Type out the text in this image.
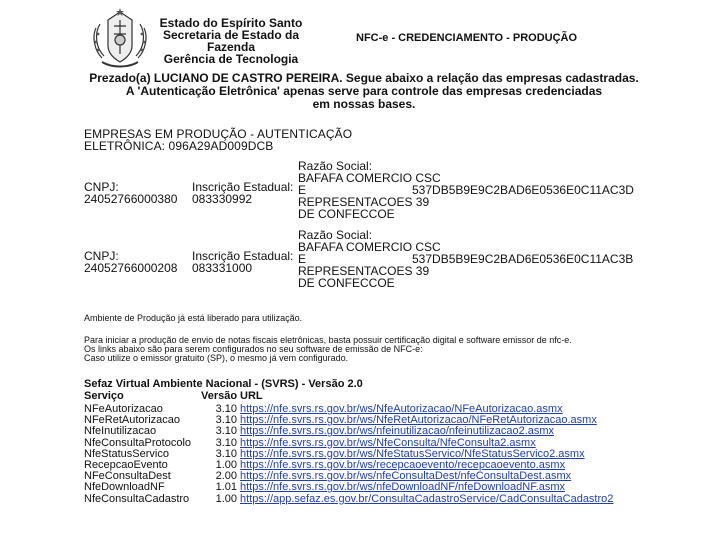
Estado do Espírito Santo
Secretaria de Estado da
Fazenda
Gerência de Tecnologia
NFC-e - CREDENCIAMENTO - PRODUÇÃO
Prezado(a) LUCIANO DE CASTRO PEREIRA. Segue abaixo a relação das empresas cadastradas.
A 'Autenticação Eletrônica' apenas serve para controle das empresas credenciadas em nossas bases.
EMPRESAS EM PRODUÇÃO - AUTENTICAÇÃO
ELETRÔNICA: 096A29AD009DCB
CNPJ:
24052766000380
Inscrição Estadual:
083330992
Razão Social:
BAFAFA COMERCIO CSC
E	537DB5B9E9C2BAD6E0536E0C11AC3D
REPRESENTACOES 39
DE CONFECCOE
CNPJ:
24052766000208
Inscrição Estadual:
083331000
Razão Social:
BAFAFA COMERCIO CSC
E	537DB5B9E9C2BAD6E0536E0C11AC3B
REPRESENTACOES 39
DE CONFECCOE
Ambiente de Produção já está liberado para utilização.
Para iniciar a produção de envio de notas fiscais eletrônicas, basta possuir certificação digital e software emissor de nfc-e.
Os links abaixo são para serem configurados no seu software de emissão de NFC-e:
Caso utilize o emissor gratuito (SP), o mesmo já vem configurado.
Sefaz Virtual Ambiente Nacional - (SVRS) - Versão 2.0
Serviço	Versão URL
NFeAutorizacao	3.10	https://nfe.svrs.rs.gov.br/ws/NfeAutorizacao/NFeAutorizacao.asmx
NFeRetAutorizacao	3.10	https://nfe.svrs.rs.gov.br/ws/NfeRetAutorizacao/NFeRetAutorizacao.asmx
NfeInutilizacao	3.10	https://nfe.svrs.rs.gov.br/ws/nfeinutilizacao/nfeinutilizacao2.asmx
NfeConsultaProtocolo	3.10	https://nfe.svrs.rs.gov.br/ws/NfeConsulta/NfeConsulta2.asmx
NfeStatusServico	3.10	https://nfe.svrs.rs.gov.br/ws/NfeStatusServico/NfeStatusServico2.asmx
RecepcaoEvento	1.00	https://nfe.svrs.rs.gov.br/ws/recepcaoevento/recepcaoevento.asmx
NFeConsultaDest	2.00	https://nfe.svrs.rs.gov.br/ws/nfeConsultaDest/nfeConsultaDest.asmx
NfeDownloadNF	1.01	https://nfe.svrs.rs.gov.br/ws/nfeDownloadNF/nfeDownloadNF.asmx
NfeConsultaCadastro	1.00	https://app.sefaz.es.gov.br/ConsultaCadastroService/CadConsultaCadastro2
